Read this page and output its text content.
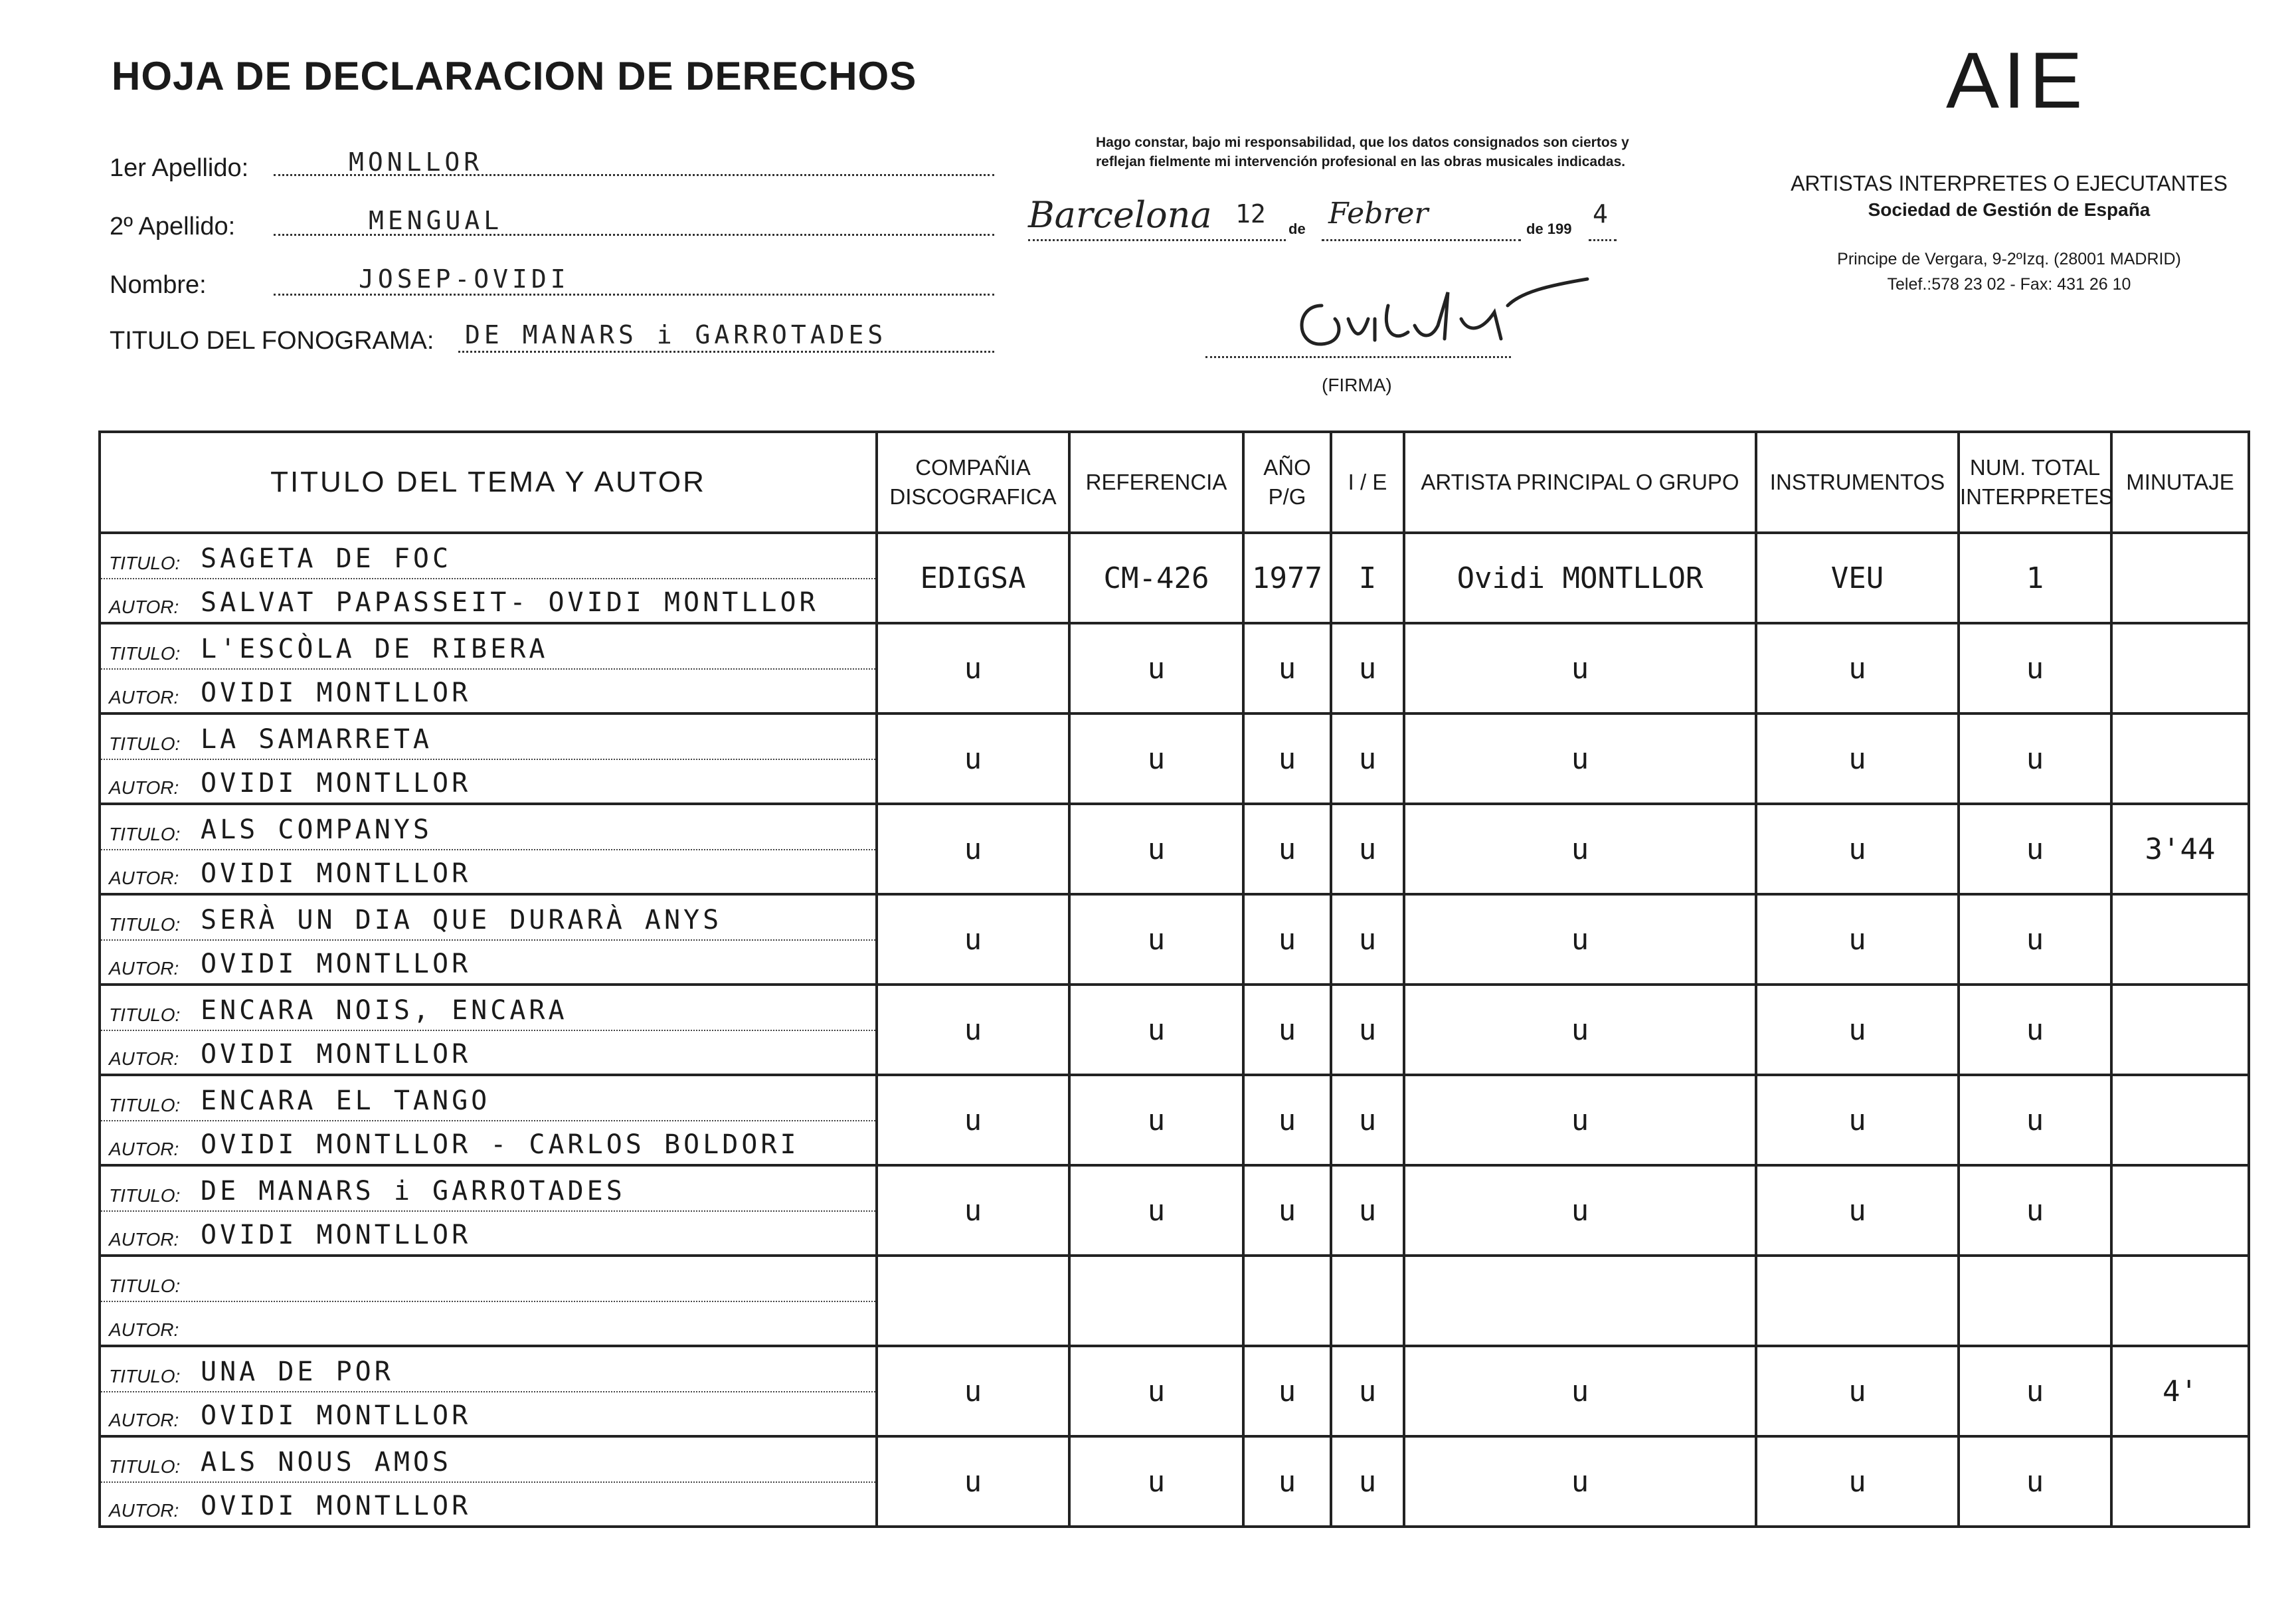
HOJA DE DECLARACION DE DERECHOS
1er Apellido:	MONLLOR
2º Apellido:	MENGUAL
Nombre:	JOSEP-OVIDI
TITULO DEL FONOGRAMA: DE MANARS i GARROTADES
Hago constar, bajo mi responsabilidad, que los datos consignados son ciertos y reflejan fielmente mi intervención profesional en las obras musicales indicadas.
Barcelona 12
de Febrer	de 199
4
(FIRMA)
AIE
ARTISTAS INTERPRETES O EJECUTANTES
Sociedad de Gestión de España
Principe de Vergara, 9-2ºIzq. (28001 MADRID)
Telef.:578 23 02 - Fax: 431 26 10
TITULO DEL TEMA Y AUTOR	COMPAÑIA DISCOGRAFICA	REFERENCIA	AÑO P/G	I / E	ARTISTA PRINCIPAL O GRUPO	INSTRUMENTOS	NUM. TOTAL INTERPRETES	MINUTAJE

TITULO: SAGETA DE FOC
AUTOR: SALVAT PAPASSEIT- OVIDI MONTLLOR	EDIGSA	CM-426	1977	I	Ovidi MONTLLOR	VEU	1	

TITULO: L'ESCÒLA DE RIBERA
AUTOR: OVIDI MONTLLOR	u	u	u	u	u	u	u	

TITULO: LA SAMARRETA
AUTOR: OVIDI MONTLLOR	u	u	u	u	u	u	u	

TITULO: ALS COMPANYS
AUTOR: OVIDI MONTLLOR	u	u	u	u	u	u	u	3'44

TITULO: SERÀ UN DIA QUE DURARÀ ANYS
AUTOR: OVIDI MONTLLOR	u	u	u	u	u	u	u	

TITULO: ENCARA NOIS, ENCARA
AUTOR: OVIDI MONTLLOR	u	u	u	u	u	u	u	

TITULO: ENCARA EL TANGO
AUTOR: OVIDI MONTLLOR - CARLOS BOLDORI	u	u	u	u	u	u	u	

TITULO: DE MANARS i GARROTADES
AUTOR: OVIDI MONTLLOR	u	u	u	u	u	u	u	

TITULO:
AUTOR:								

TITULO: UNA DE POR
AUTOR: OVIDI MONTLLOR	u	u	u	u	u	u	u	4'

TITULO: ALS NOUS AMOS
AUTOR: OVIDI MONTLLOR	u	u	u	u	u	u	u	
